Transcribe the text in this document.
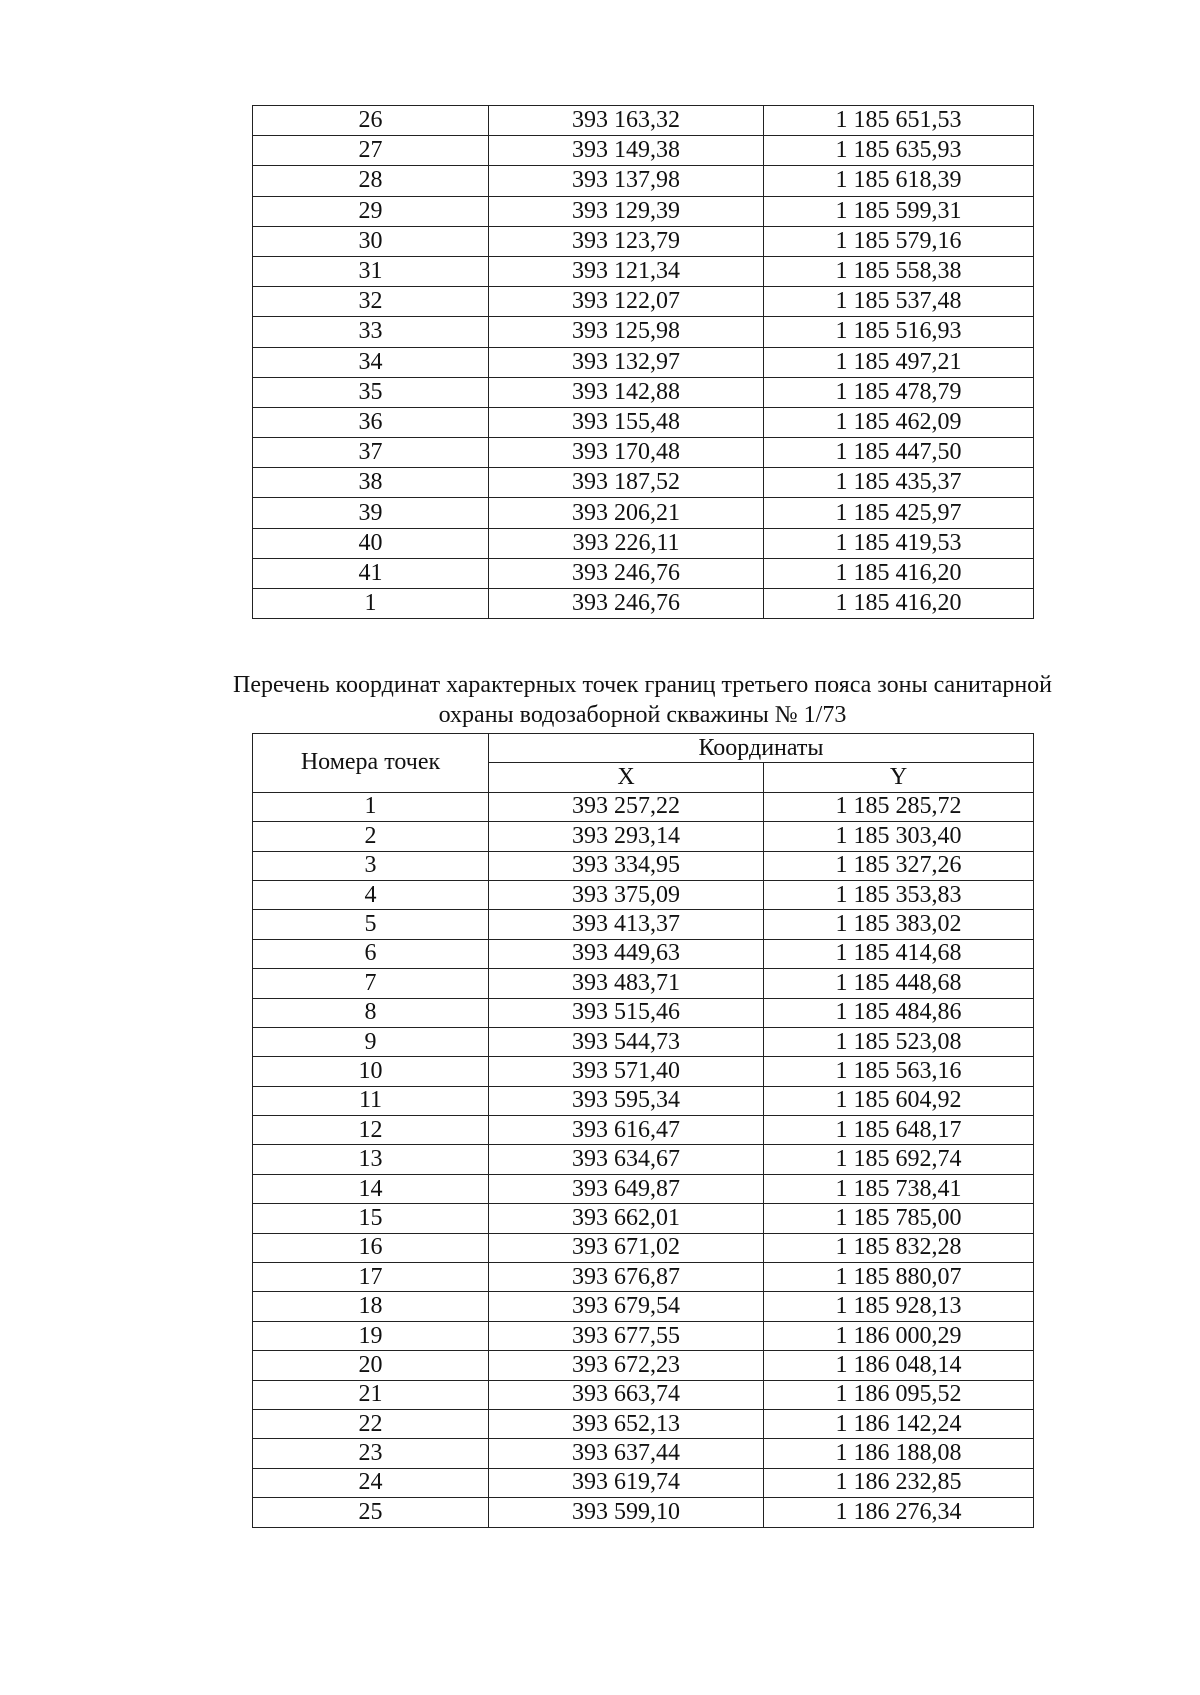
26	393 163,32	1 185 651,53
27	393 149,38	1 185 635,93
28	393 137,98	1 185 618,39
29	393 129,39	1 185 599,31
30	393 123,79	1 185 579,16
31	393 121,34	1 185 558,38
32	393 122,07	1 185 537,48
33	393 125,98	1 185 516,93
34	393 132,97	1 185 497,21
35	393 142,88	1 185 478,79
36	393 155,48	1 185 462,09
37	393 170,48	1 185 447,50
38	393 187,52	1 185 435,37
39	393 206,21	1 185 425,97
40	393 226,11	1 185 419,53
41	393 246,76	1 185 416,20
1	393 246,76	1 185 416,20
Перечень координат характерных точек границ третьего пояса зоны санитарной
охраны водозаборной скважины № 1/73
Номера точек	Координаты	
	X	Y
1	393 257,22	1 185 285,72
2	393 293,14	1 185 303,40
3	393 334,95	1 185 327,26
4	393 375,09	1 185 353,83
5	393 413,37	1 185 383,02
6	393 449,63	1 185 414,68
7	393 483,71	1 185 448,68
8	393 515,46	1 185 484,86
9	393 544,73	1 185 523,08
10	393 571,40	1 185 563,16
11	393 595,34	1 185 604,92
12	393 616,47	1 185 648,17
13	393 634,67	1 185 692,74
14	393 649,87	1 185 738,41
15	393 662,01	1 185 785,00
16	393 671,02	1 185 832,28
17	393 676,87	1 185 880,07
18	393 679,54	1 185 928,13
19	393 677,55	1 186 000,29
20	393 672,23	1 186 048,14
21	393 663,74	1 186 095,52
22	393 652,13	1 186 142,24
23	393 637,44	1 186 188,08
24	393 619,74	1 186 232,85
25	393 599,10	1 186 276,34
